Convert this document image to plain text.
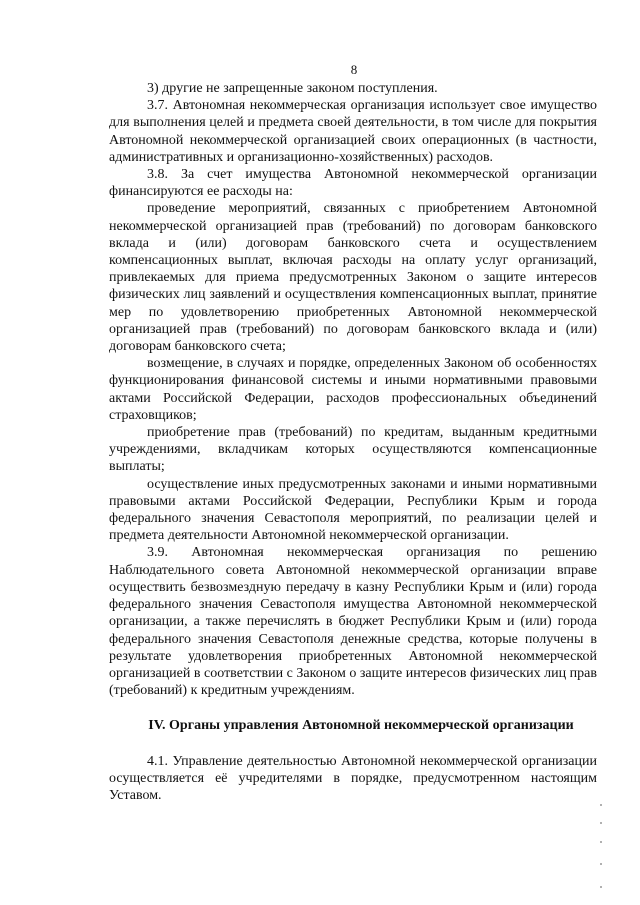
8

3) другие не запрещенные законом поступления.

3.7. Автономная некоммерческая организация использует свое имущество для выполнения целей и предмета своей деятельности, в том числе для покрытия Автономной некоммерческой организацией своих операционных (в частности, административных и организационно-хозяйственных) расходов.

3.8. За счет имущества Автономной некоммерческой организации финансируются ее расходы на:

проведение мероприятий, связанных с приобретением Автономной некоммерческой организацией прав (требований) по договорам банковского вклада и (или) договорам банковского счета и осуществлением компенсационных выплат, включая расходы на оплату услуг организаций, привлекаемых для приема предусмотренных Законом о защите интересов физических лиц заявлений и осуществления компенсационных выплат, принятие мер по удовлетворению приобретенных Автономной некоммерческой организацией прав (требований) по договорам банковского вклада и (или) договорам банковского счета;

возмещение, в случаях и порядке, определенных Законом об особенностях функционирования финансовой системы и иными нормативными правовыми актами Российской Федерации, расходов профессиональных объединений страховщиков;

приобретение прав (требований) по кредитам, выданным кредитными учреждениями, вкладчикам которых осуществляются компенсационные выплаты;

осуществление иных предусмотренных законами и иными нормативными правовыми актами Российской Федерации, Республики Крым и города федерального значения Севастополя мероприятий, по реализации целей и предмета деятельности Автономной некоммерческой организации.

3.9. Автономная некоммерческая организация по решению Наблюдательного совета Автономной некоммерческой организации вправе осуществить безвозмездную передачу в казну Республики Крым и (или) города федерального значения Севастополя имущества Автономной некоммерческой организации, а также перечислять в бюджет Республики Крым и (или) города федерального значения Севастополя денежные средства, которые получены в результате удовлетворения приобретенных Автономной некоммерческой организацией в соответствии с Законом о защите интересов физических лиц прав (требований) к кредитным учреждениям.

IV. Органы управления Автономной некоммерческой организации

4.1. Управление деятельностью Автономной некоммерческой организации осуществляется её учредителями в порядке, предусмотренном настоящим Уставом.
